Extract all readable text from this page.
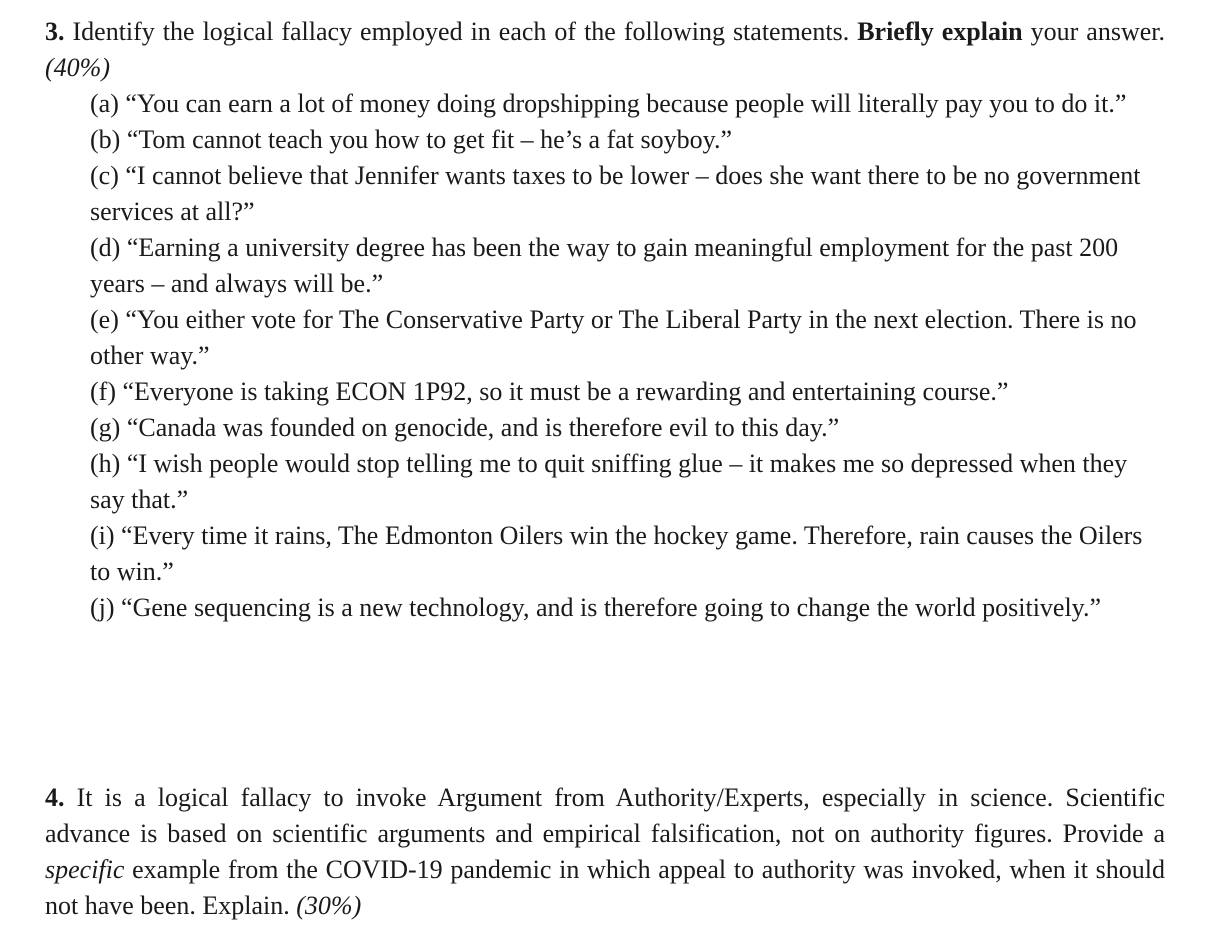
3. Identify the logical fallacy employed in each of the following statements. Briefly explain your answer. (40%)
(a) “You can earn a lot of money doing dropshipping because people will literally pay you to do it.”
(b) “Tom cannot teach you how to get fit – he’s a fat soyboy.”
(c) “I cannot believe that Jennifer wants taxes to be lower – does she want there to be no government services at all?”
(d) “Earning a university degree has been the way to gain meaningful employment for the past 200 years – and always will be.”
(e) “You either vote for The Conservative Party or The Liberal Party in the next election. There is no other way.”
(f) “Everyone is taking ECON 1P92, so it must be a rewarding and entertaining course.”
(g) “Canada was founded on genocide, and is therefore evil to this day.”
(h) “I wish people would stop telling me to quit sniffing glue – it makes me so depressed when they say that.”
(i) “Every time it rains, The Edmonton Oilers win the hockey game. Therefore, rain causes the Oilers to win.”
(j) “Gene sequencing is a new technology, and is therefore going to change the world positively.”
4. It is a logical fallacy to invoke Argument from Authority/Experts, especially in science. Scientific advance is based on scientific arguments and empirical falsification, not on authority figures. Provide a specific example from the COVID-19 pandemic in which appeal to authority was invoked, when it should not have been. Explain. (30%)
